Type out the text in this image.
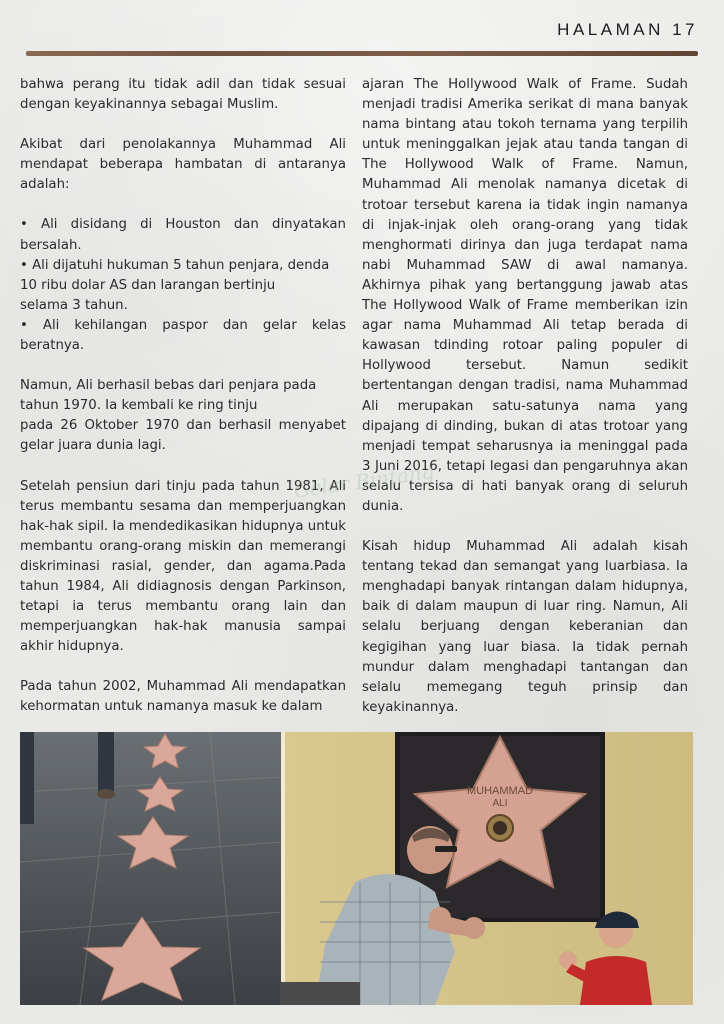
HALAMAN 17

bahwa perang itu tidak adil dan tidak sesuai dengan keyakinannya sebagai Muslim.

Akibat dari penolakannya Muhammad Ali mendapat beberapa hambatan di antaranya adalah:

• Ali disidang di Houston dan dinyatakan bersalah.

• Ali dijatuhi hukuman 5 tahun penjara, denda 10 ribu dolar AS dan larangan bertinju

selama 3 tahun.

• Ali kehilangan paspor dan gelar kelas beratnya.

Namun, Ali berhasil bebas dari penjara pada tahun 1970. Ia kembali ke ring tinju

pada 26 Oktober 1970 dan berhasil menyabet gelar juara dunia lagi.

Setelah pensiun dari tinju pada tahun 1981, Ali terus membantu sesama dan memperjuangkan hak-hak sipil. Ia mendedikasikan hidupnya untuk membantu orang-orang miskin dan memerangi diskriminasi rasial, gender, dan agama.Pada tahun 1984, Ali didiagnosis dengan Parkinson, tetapi ia terus membantu orang lain dan memperjuangkan hak-hak manusia sampai akhir hidupnya.

Pada tahun 2002, Muhammad Ali mendapatkan kehormatan untuk namanya masuk ke dalam

ajaran The Hollywood Walk of Frame. Sudah menjadi tradisi Amerika serikat di mana banyak nama bintang atau tokoh ternama yang terpilih untuk meninggalkan jejak atau tanda tangan di The Hollywood Walk of Frame. Namun, Muhammad Ali menolak namanya dicetak di trotoar tersebut karena ia tidak ingin namanya di injak-injak oleh orang-orang yang tidak menghormati dirinya dan juga terdapat nama nabi Muhammad SAW di awal namanya. Akhirnya pihak yang bertanggung jawab atas The Hollywood Walk of Frame memberikan izin agar nama Muhammad Ali tetap berada di kawasan tdinding rotoar paling populer di Hollywood tersebut. Namun sedikit bertentangan dengan tradisi, nama Muhammad Ali merupakan satu-satunya nama yang dipajang di dinding, bukan di atas trotoar yang menjadi tempat seharusnya ia meninggal pada 3 Juni 2016, tetapi legasi dan pengaruhnya akan selalu tersisa di hati banyak orang di seluruh dunia.

Kisah hidup Muhammad Ali adalah kisah tentang tekad dan semangat yang luarbiasa. Ia menghadapi banyak rintangan dalam hidupnya, baik di dalam maupun di luar ring. Namun, Ali selalu berjuang dengan keberanian dan kegigihan yang luar biasa. Ia tidak pernah mundur dalam menghadapi tantangan dan selalu memegang teguh prinsip dan keyakinannya.

Gelar Bintang
MUHAMMAD
ALI
